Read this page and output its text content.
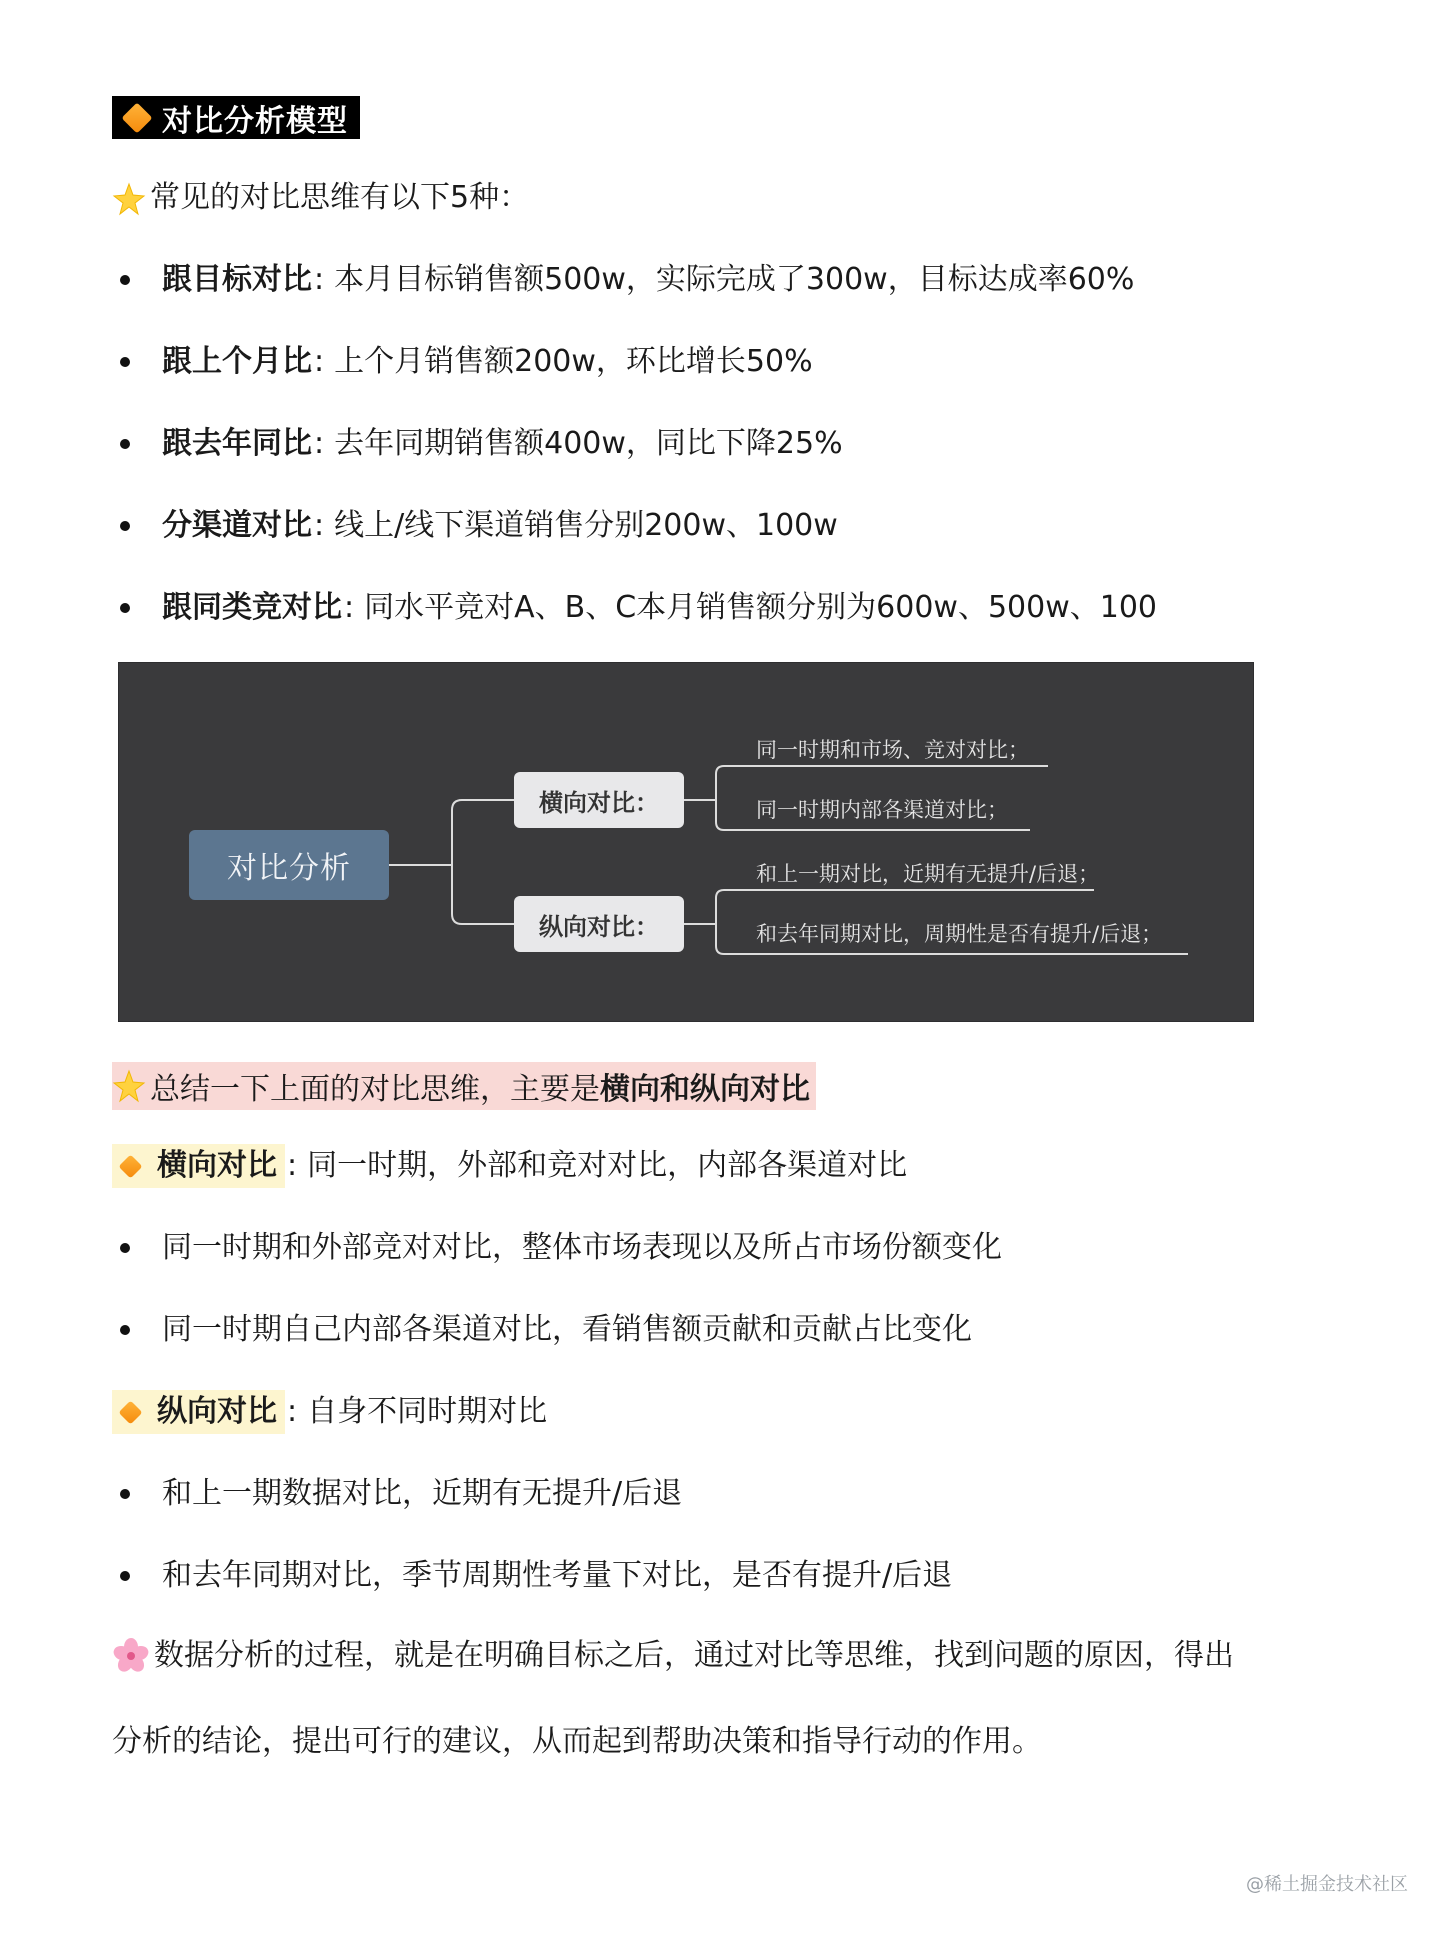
对比分析模型
常见的对比思维有以下5种：
跟目标对比 : 本月目标销售额500w，实际完成了300w，目标达成率60%
跟上个月比 : 上个月销售额200w，环比增长50%
跟去年同比 : 去年同期销售额400w，同比下降25%
分渠道对比 : 线上/线下渠道销售分别200w、100w
跟同类竞对比 : 同水平竞对A、B、C本月销售额分别为600w、500w、100
对比分析
横向对比：
纵向对比：
同一时期和市场、竞对对比；
同一时期内部各渠道对比；
和上一期对比，近期有无提升/后退；
和去年同期对比，周期性是否有提升/后退；
总结一下上面的对比思维，主要是 横向和纵向对比
横向对比 : 同一时期，外部和竞对对比，内部各渠道对比
同一时期和外部竞对对比，整体市场表现以及所占市场份额变化
同一时期自己内部各渠道对比，看销售额贡献和贡献占比变化
纵向对比 : 自身不同时期对比
和上一期数据对比，近期有无提升/后退
和去年同期对比，季节周期性考量下对比，是否有提升/后退
数据分析的过程，就是在明确目标之后，通过对比等思维，找到问题的原因，得出
分析的结论，提出可行的建议，从而起到帮助决策和指导行动的作用。
@稀土掘金技术社区
